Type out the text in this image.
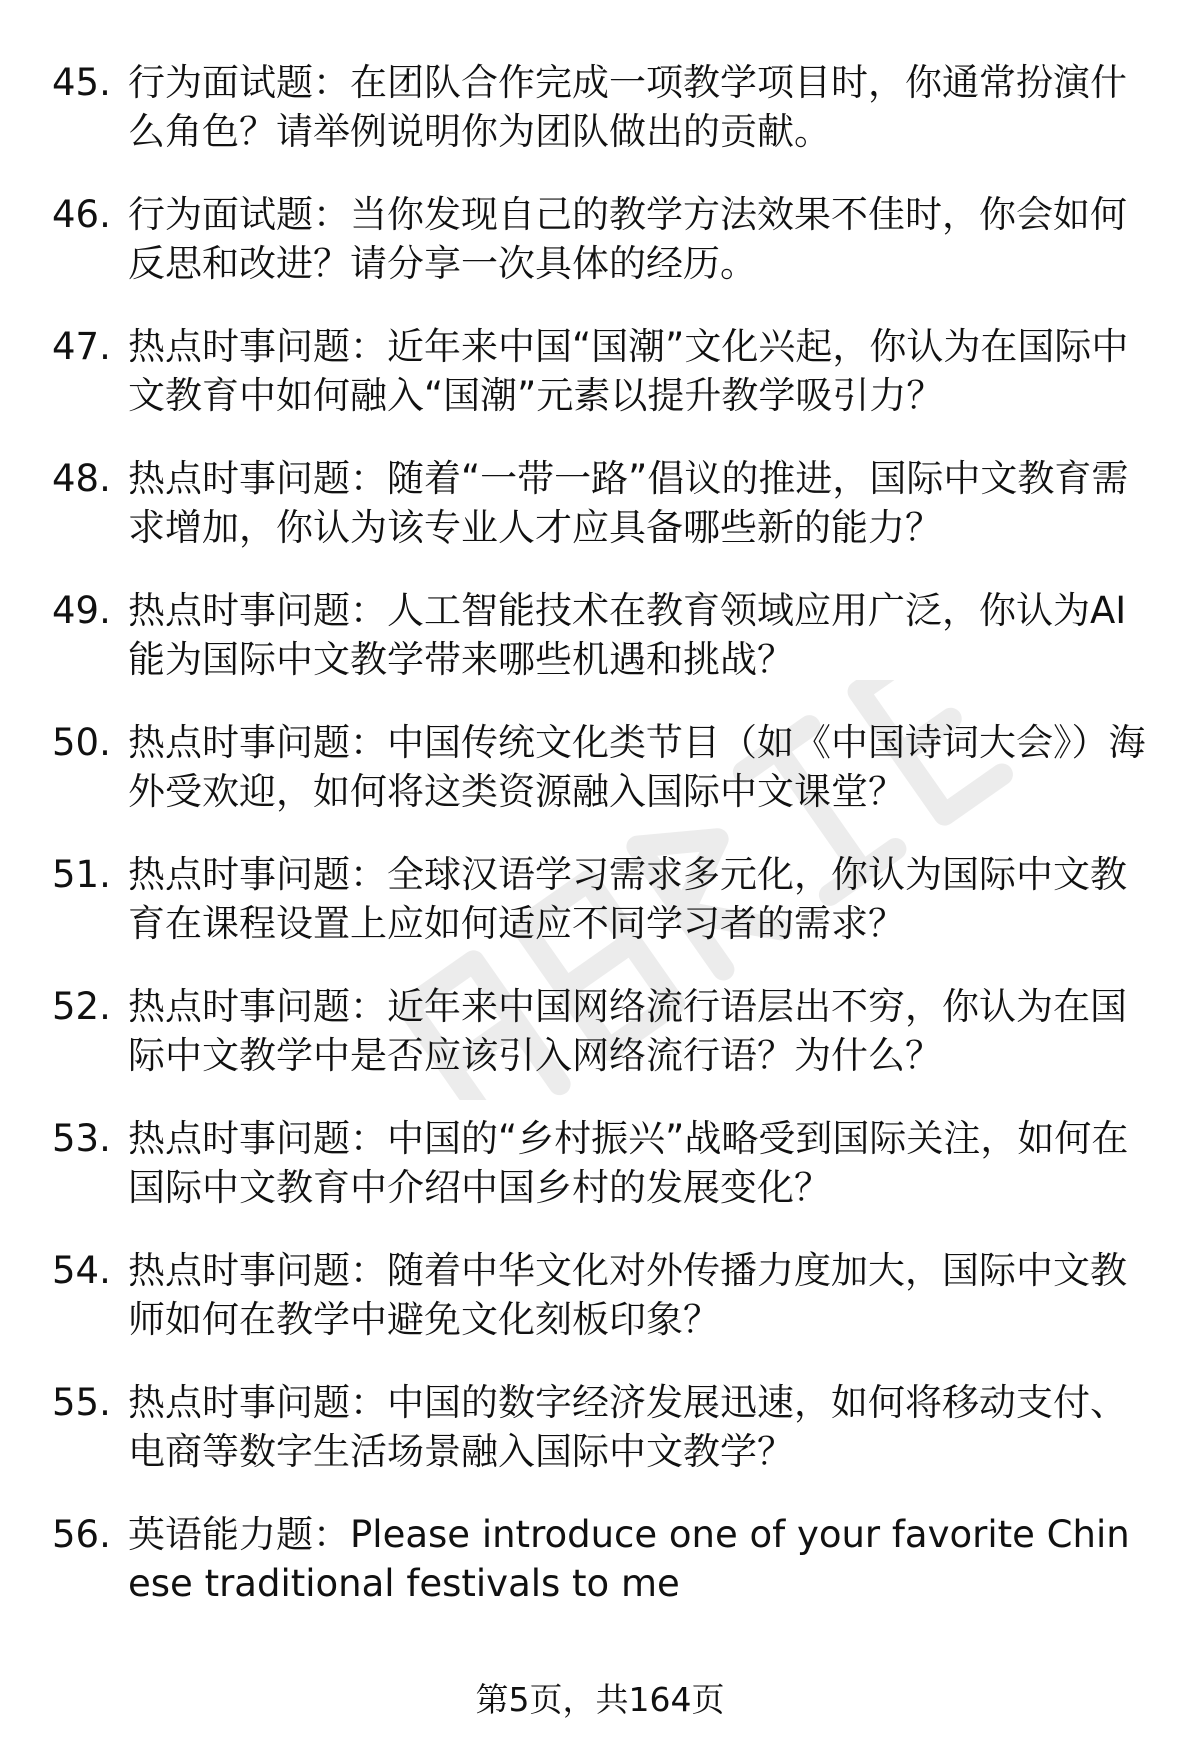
45. 行为面试题：在团队合作完成一项教学项目时，你通常扮演什么角色？请举例说明你为团队做出的贡献。
46. 行为面试题：当你发现自己的教学方法效果不佳时，你会如何反思和改进？请分享一次具体的经历。
47. 热点时事问题：近年来中国“国潮”文化兴起，你认为在国际中文教育中如何融入“国潮”元素以提升教学吸引力？
48. 热点时事问题：随着“一带一路”倡议的推进，国际中文教育需求增加，你认为该专业人才应具备哪些新的能力？
49. 热点时事问题：人工智能技术在教育领域应用广泛，你认为AI能为国际中文教学带来哪些机遇和挑战？
50. 热点时事问题：中国传统文化类节目（如《中国诗词大会》）海外受欢迎，如何将这类资源融入国际中文课堂？
51. 热点时事问题：全球汉语学习需求多元化，你认为国际中文教育在课程设置上应如何适应不同学习者的需求？
52. 热点时事问题：近年来中国网络流行语层出不穷，你认为在国际中文教学中是否应该引入网络流行语？为什么？
53. 热点时事问题：中国的“乡村振兴”战略受到国际关注，如何在国际中文教育中介绍中国乡村的发展变化？
54. 热点时事问题：随着中华文化对外传播力度加大，国际中文教师如何在教学中避免文化刻板印象？
55. 热点时事问题：中国的数字经济发展迅速，如何将移动支付、电商等数字生活场景融入国际中文教学？
56. 英语能力题：Please introduce one of your favorite Chinese traditional festivals to me
第5页，共164页
